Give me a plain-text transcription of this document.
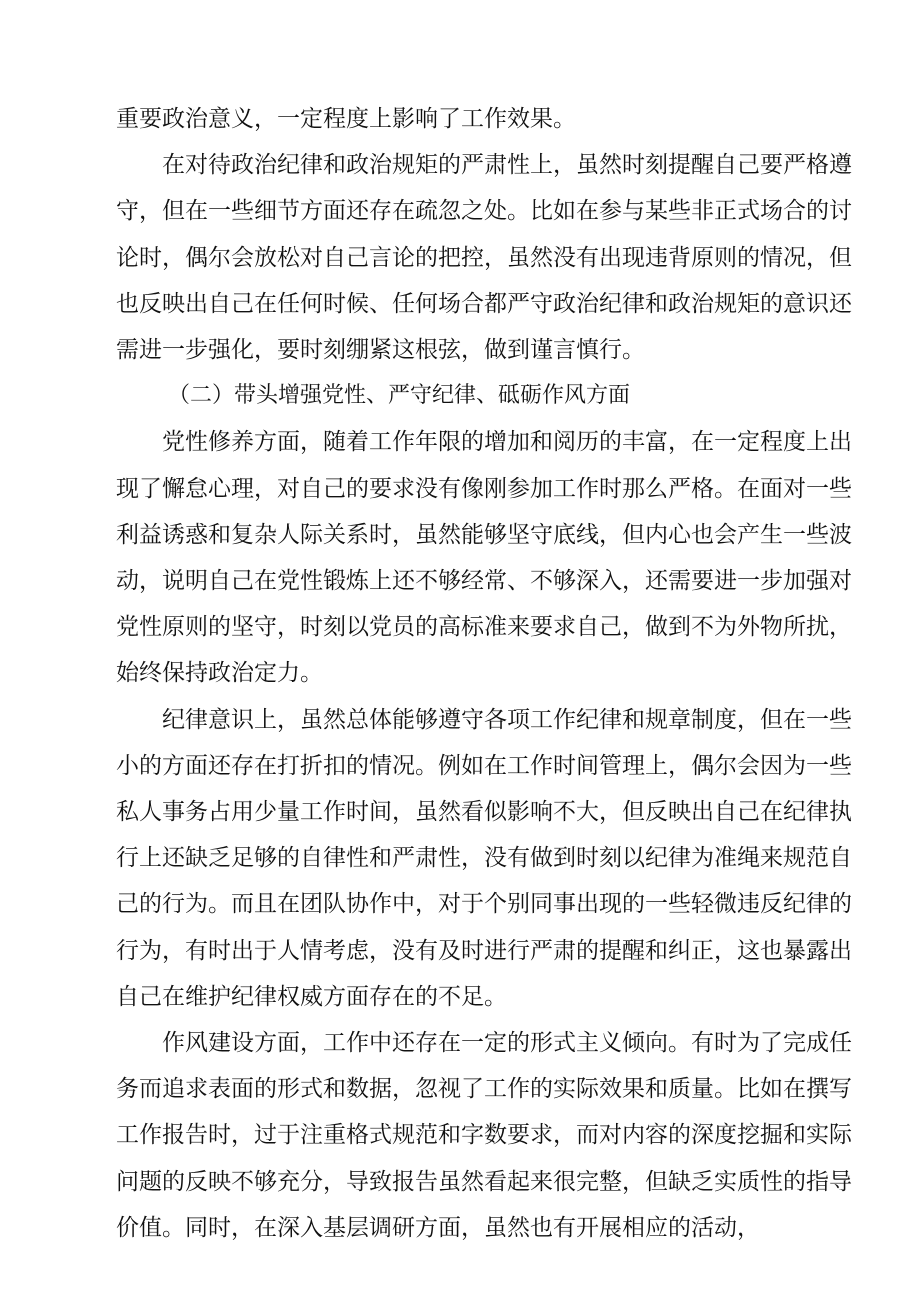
重要政治意义，一定程度上影响了工作效果。

在对待政治纪律和政治规矩的严肃性上，虽然时刻提醒自己要严格遵守，但在一些细节方面还存在疏忽之处。比如在参与某些非正式场合的讨论时，偶尔会放松对自己言论的把控，虽然没有出现违背原则的情况，但也反映出自己在任何时候、任何场合都严守政治纪律和政治规矩的意识还需进一步强化，要时刻绷紧这根弦，做到谨言慎行。

（二）带头增强党性、严守纪律、砥砺作风方面

党性修养方面，随着工作年限的增加和阅历的丰富，在一定程度上出现了懈怠心理，对自己的要求没有像刚参加工作时那么严格。在面对一些利益诱惑和复杂人际关系时，虽然能够坚守底线，但内心也会产生一些波动，说明自己在党性锻炼上还不够经常、不够深入，还需要进一步加强对党性原则的坚守，时刻以党员的高标准来要求自己，做到不为外物所扰，始终保持政治定力。

纪律意识上，虽然总体能够遵守各项工作纪律和规章制度，但在一些小的方面还存在打折扣的情况。例如在工作时间管理上，偶尔会因为一些私人事务占用少量工作时间，虽然看似影响不大，但反映出自己在纪律执行上还缺乏足够的自律性和严肃性，没有做到时刻以纪律为准绳来规范自己的行为。而且在团队协作中，对于个别同事出现的一些轻微违反纪律的行为，有时出于人情考虑，没有及时进行严肃的提醒和纠正，这也暴露出自己在维护纪律权威方面存在的不足。

作风建设方面，工作中还存在一定的形式主义倾向。有时为了完成任务而追求表面的形式和数据，忽视了工作的实际效果和质量。比如在撰写工作报告时，过于注重格式规范和字数要求，而对内容的深度挖掘和实际问题的反映不够充分，导致报告虽然看起来很完整，但缺乏实质性的指导价值。同时，在深入基层调研方面，虽然也有开展相应的活动，
